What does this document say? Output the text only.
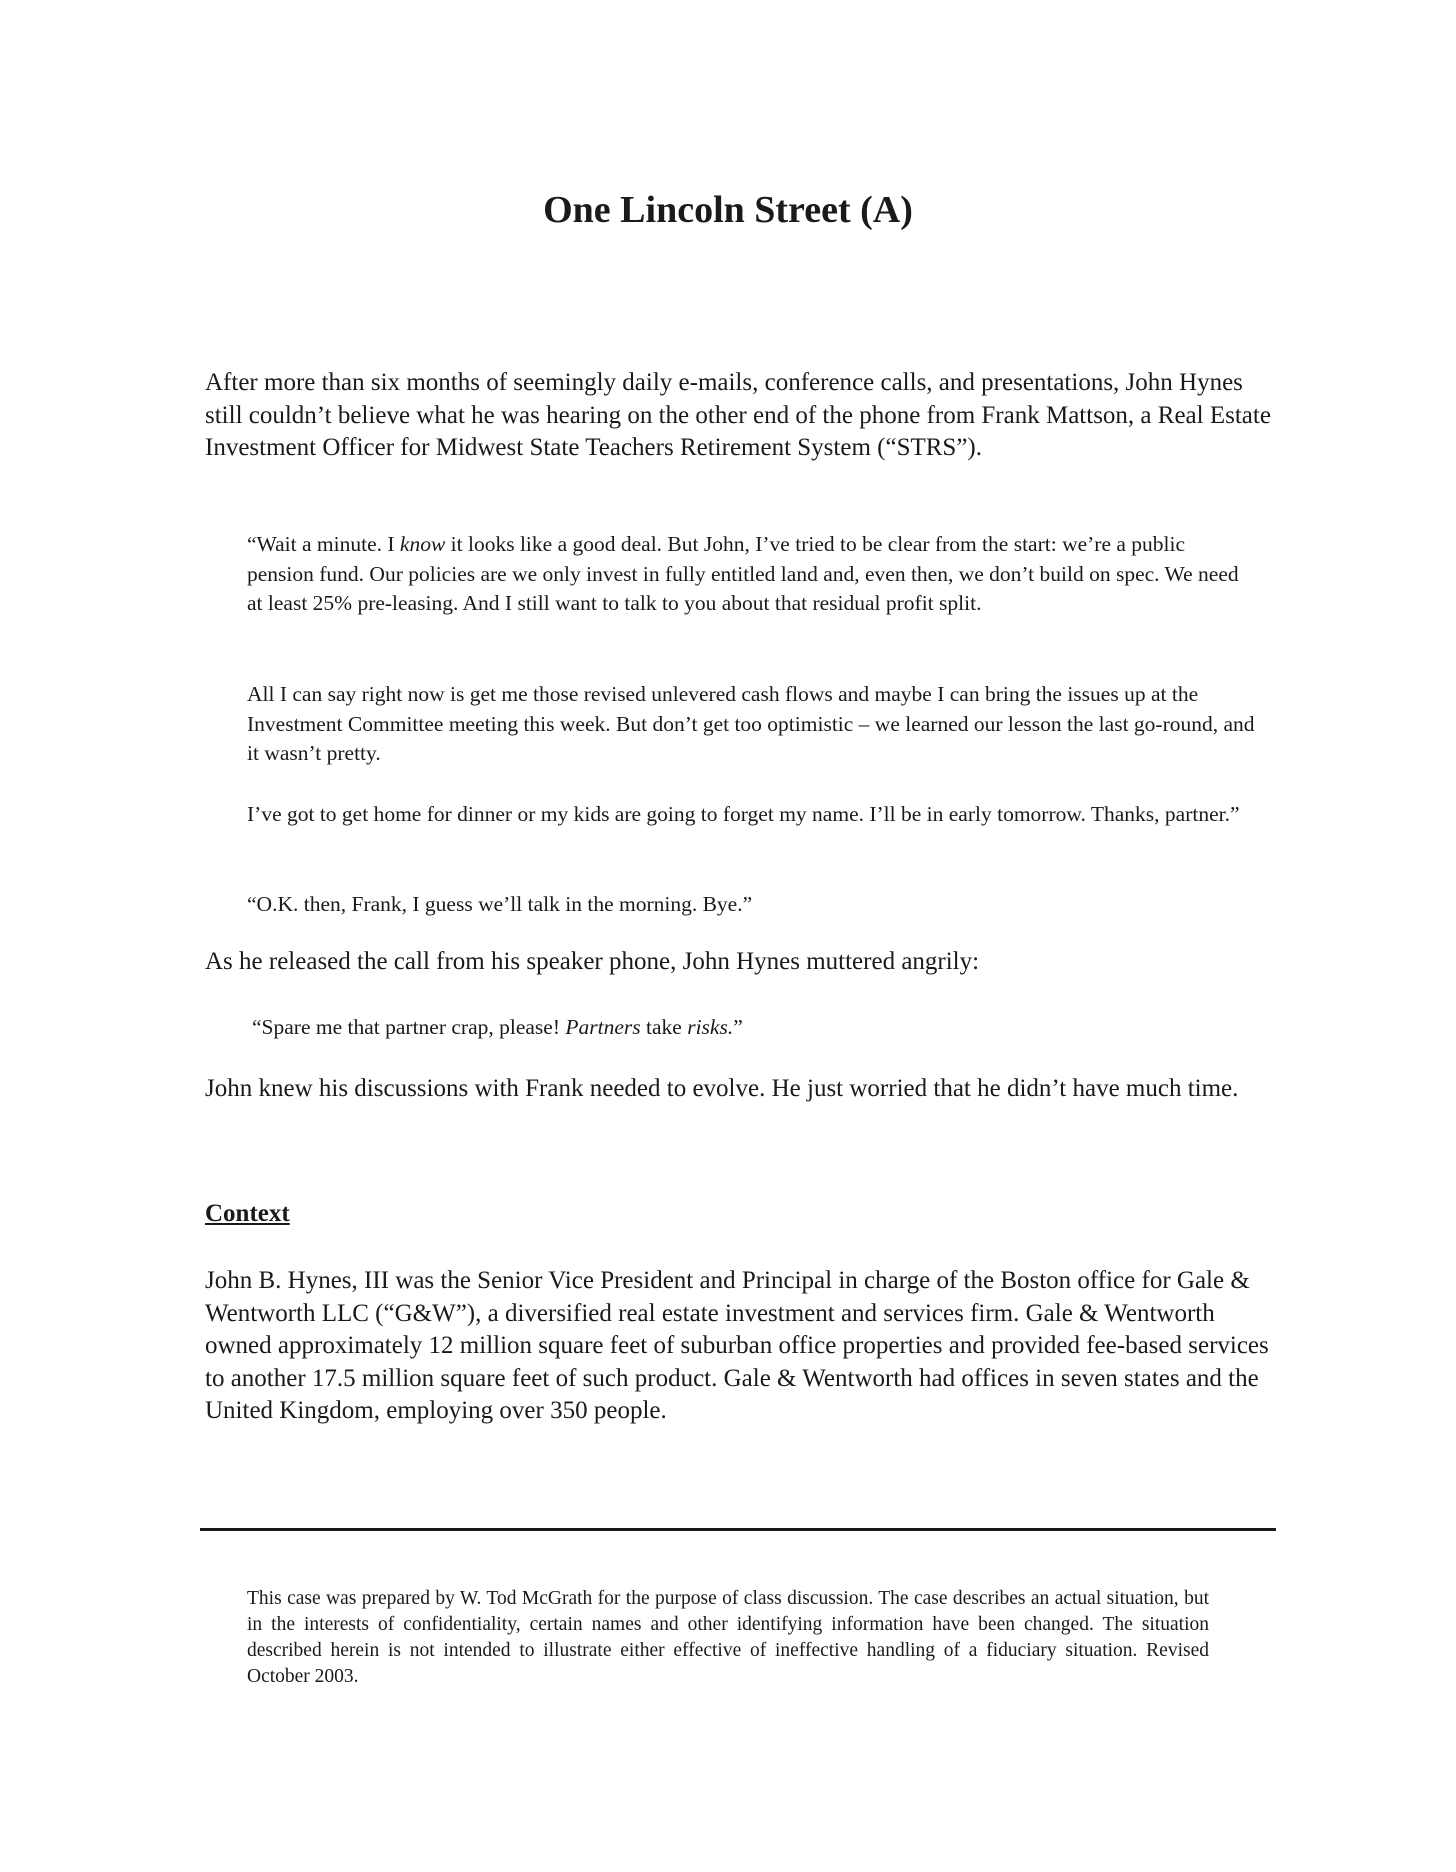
One Lincoln Street (A)

After more than six months of seemingly daily e-mails, conference calls, and presentations, John Hynes still couldn’t believe what he was hearing on the other end of the phone from Frank Mattson, a Real Estate Investment Officer for Midwest State Teachers Retirement System (“STRS”).

“Wait a minute. I know it looks like a good deal. But John, I’ve tried to be clear from the start: we’re a public pension fund. Our policies are we only invest in fully entitled land and, even then, we don’t build on spec. We need at least 25% pre-leasing. And I still want to talk to you about that residual profit split.

All I can say right now is get me those revised unlevered cash flows and maybe I can bring the issues up at the Investment Committee meeting this week. But don’t get too optimistic – we learned our lesson the last go-round, and it wasn’t pretty.

I’ve got to get home for dinner or my kids are going to forget my name. I’ll be in early tomorrow. Thanks, partner.”

“O.K. then, Frank, I guess we’ll talk in the morning. Bye.”

As he released the call from his speaker phone, John Hynes muttered angrily:

“Spare me that partner crap, please! Partners take risks.”

John knew his discussions with Frank needed to evolve. He just worried that he didn’t have much time.

Context

John B. Hynes, III was the Senior Vice President and Principal in charge of the Boston office for Gale & Wentworth LLC (“G&W”), a diversified real estate investment and services firm. Gale & Wentworth owned approximately 12 million square feet of suburban office properties and provided fee-based services to another 17.5 million square feet of such product. Gale & Wentworth had offices in seven states and the United Kingdom, employing over 350 people.

This case was prepared by W. Tod McGrath for the purpose of class discussion. The case describes an actual situation, but in the interests of confidentiality, certain names and other identifying information have been changed. The situation described herein is not intended to illustrate either effective of ineffective handling of a fiduciary situation. Revised October 2003.
